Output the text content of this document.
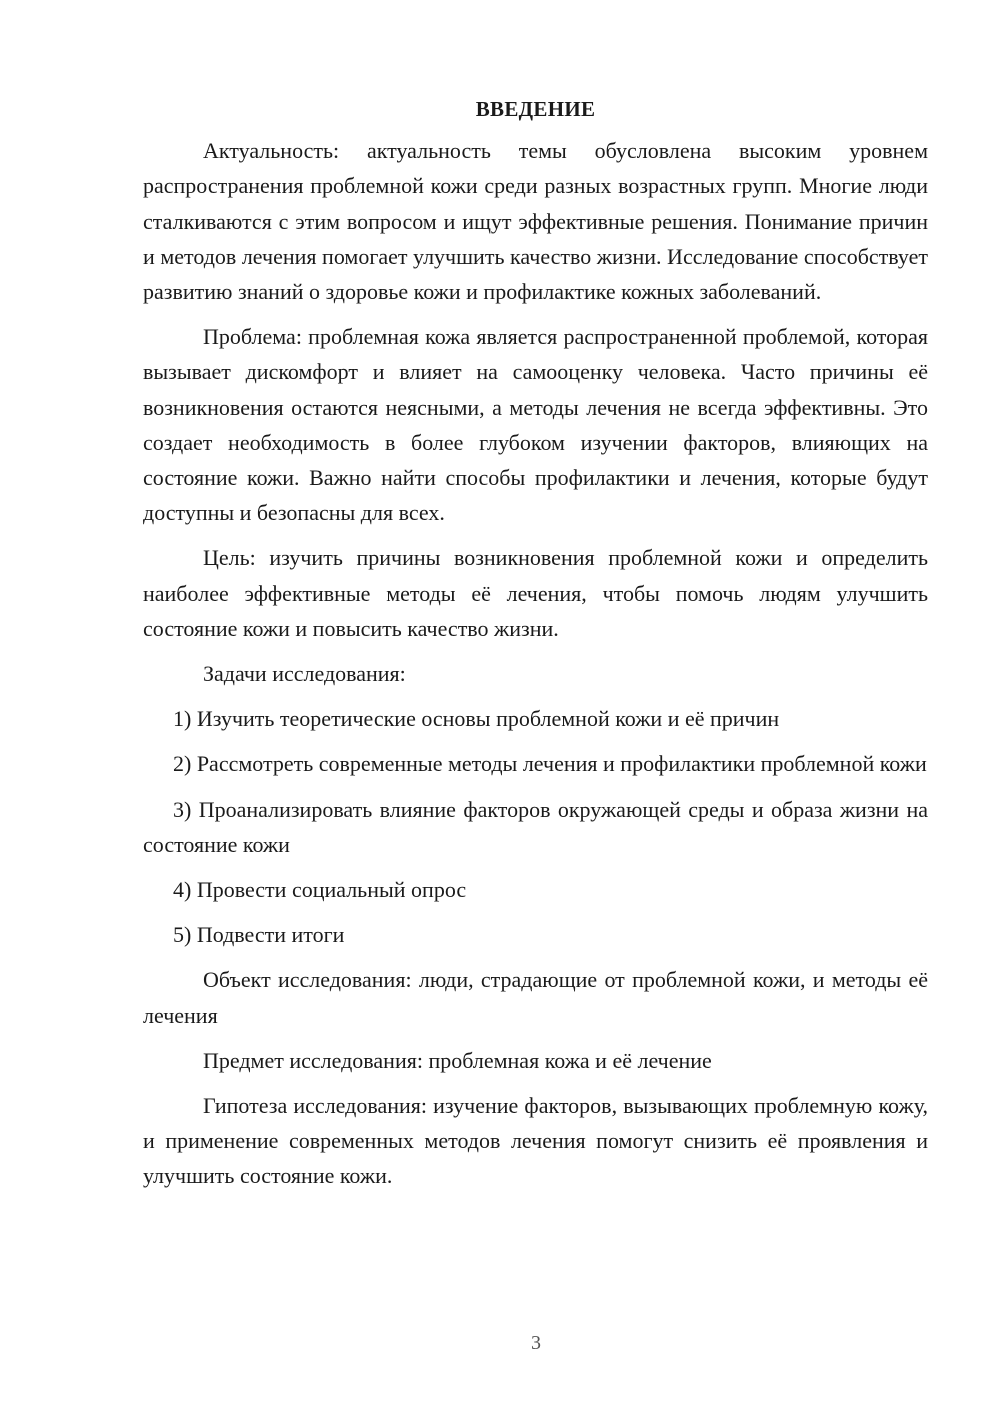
ВВЕДЕНИЕ

Актуальность: актуальность темы обусловлена высоким уровнем распространения проблемной кожи среди разных возрастных групп. Многие люди сталкиваются с этим вопросом и ищут эффективные решения. Понимание причин и методов лечения помогает улучшить качество жизни. Исследование способствует развитию знаний о здоровье кожи и профилактике кожных заболеваний.

Проблема: проблемная кожа является распространенной проблемой, которая вызывает дискомфорт и влияет на самооценку человека. Часто причины её возникновения остаются неясными, а методы лечения не всегда эффективны. Это создает необходимость в более глубоком изучении факторов, влияющих на состояние кожи. Важно найти способы профилактики и лечения, которые будут доступны и безопасны для всех.

Цель: изучить причины возникновения проблемной кожи и определить наиболее эффективные методы её лечения, чтобы помочь людям улучшить состояние кожи и повысить качество жизни.

Задачи исследования:

1) Изучить теоретические основы проблемной кожи и её причин

2) Рассмотреть современные методы лечения и профилактики проблемной кожи

3) Проанализировать влияние факторов окружающей среды и образа жизни на состояние кожи

4) Провести социальный опрос

5) Подвести итоги

Объект исследования: люди, страдающие от проблемной кожи, и методы её лечения

Предмет исследования: проблемная кожа и её лечение

Гипотеза исследования: изучение факторов, вызывающих проблемную кожу, и применение современных методов лечения помогут снизить её проявления и улучшить состояние кожи.

3
